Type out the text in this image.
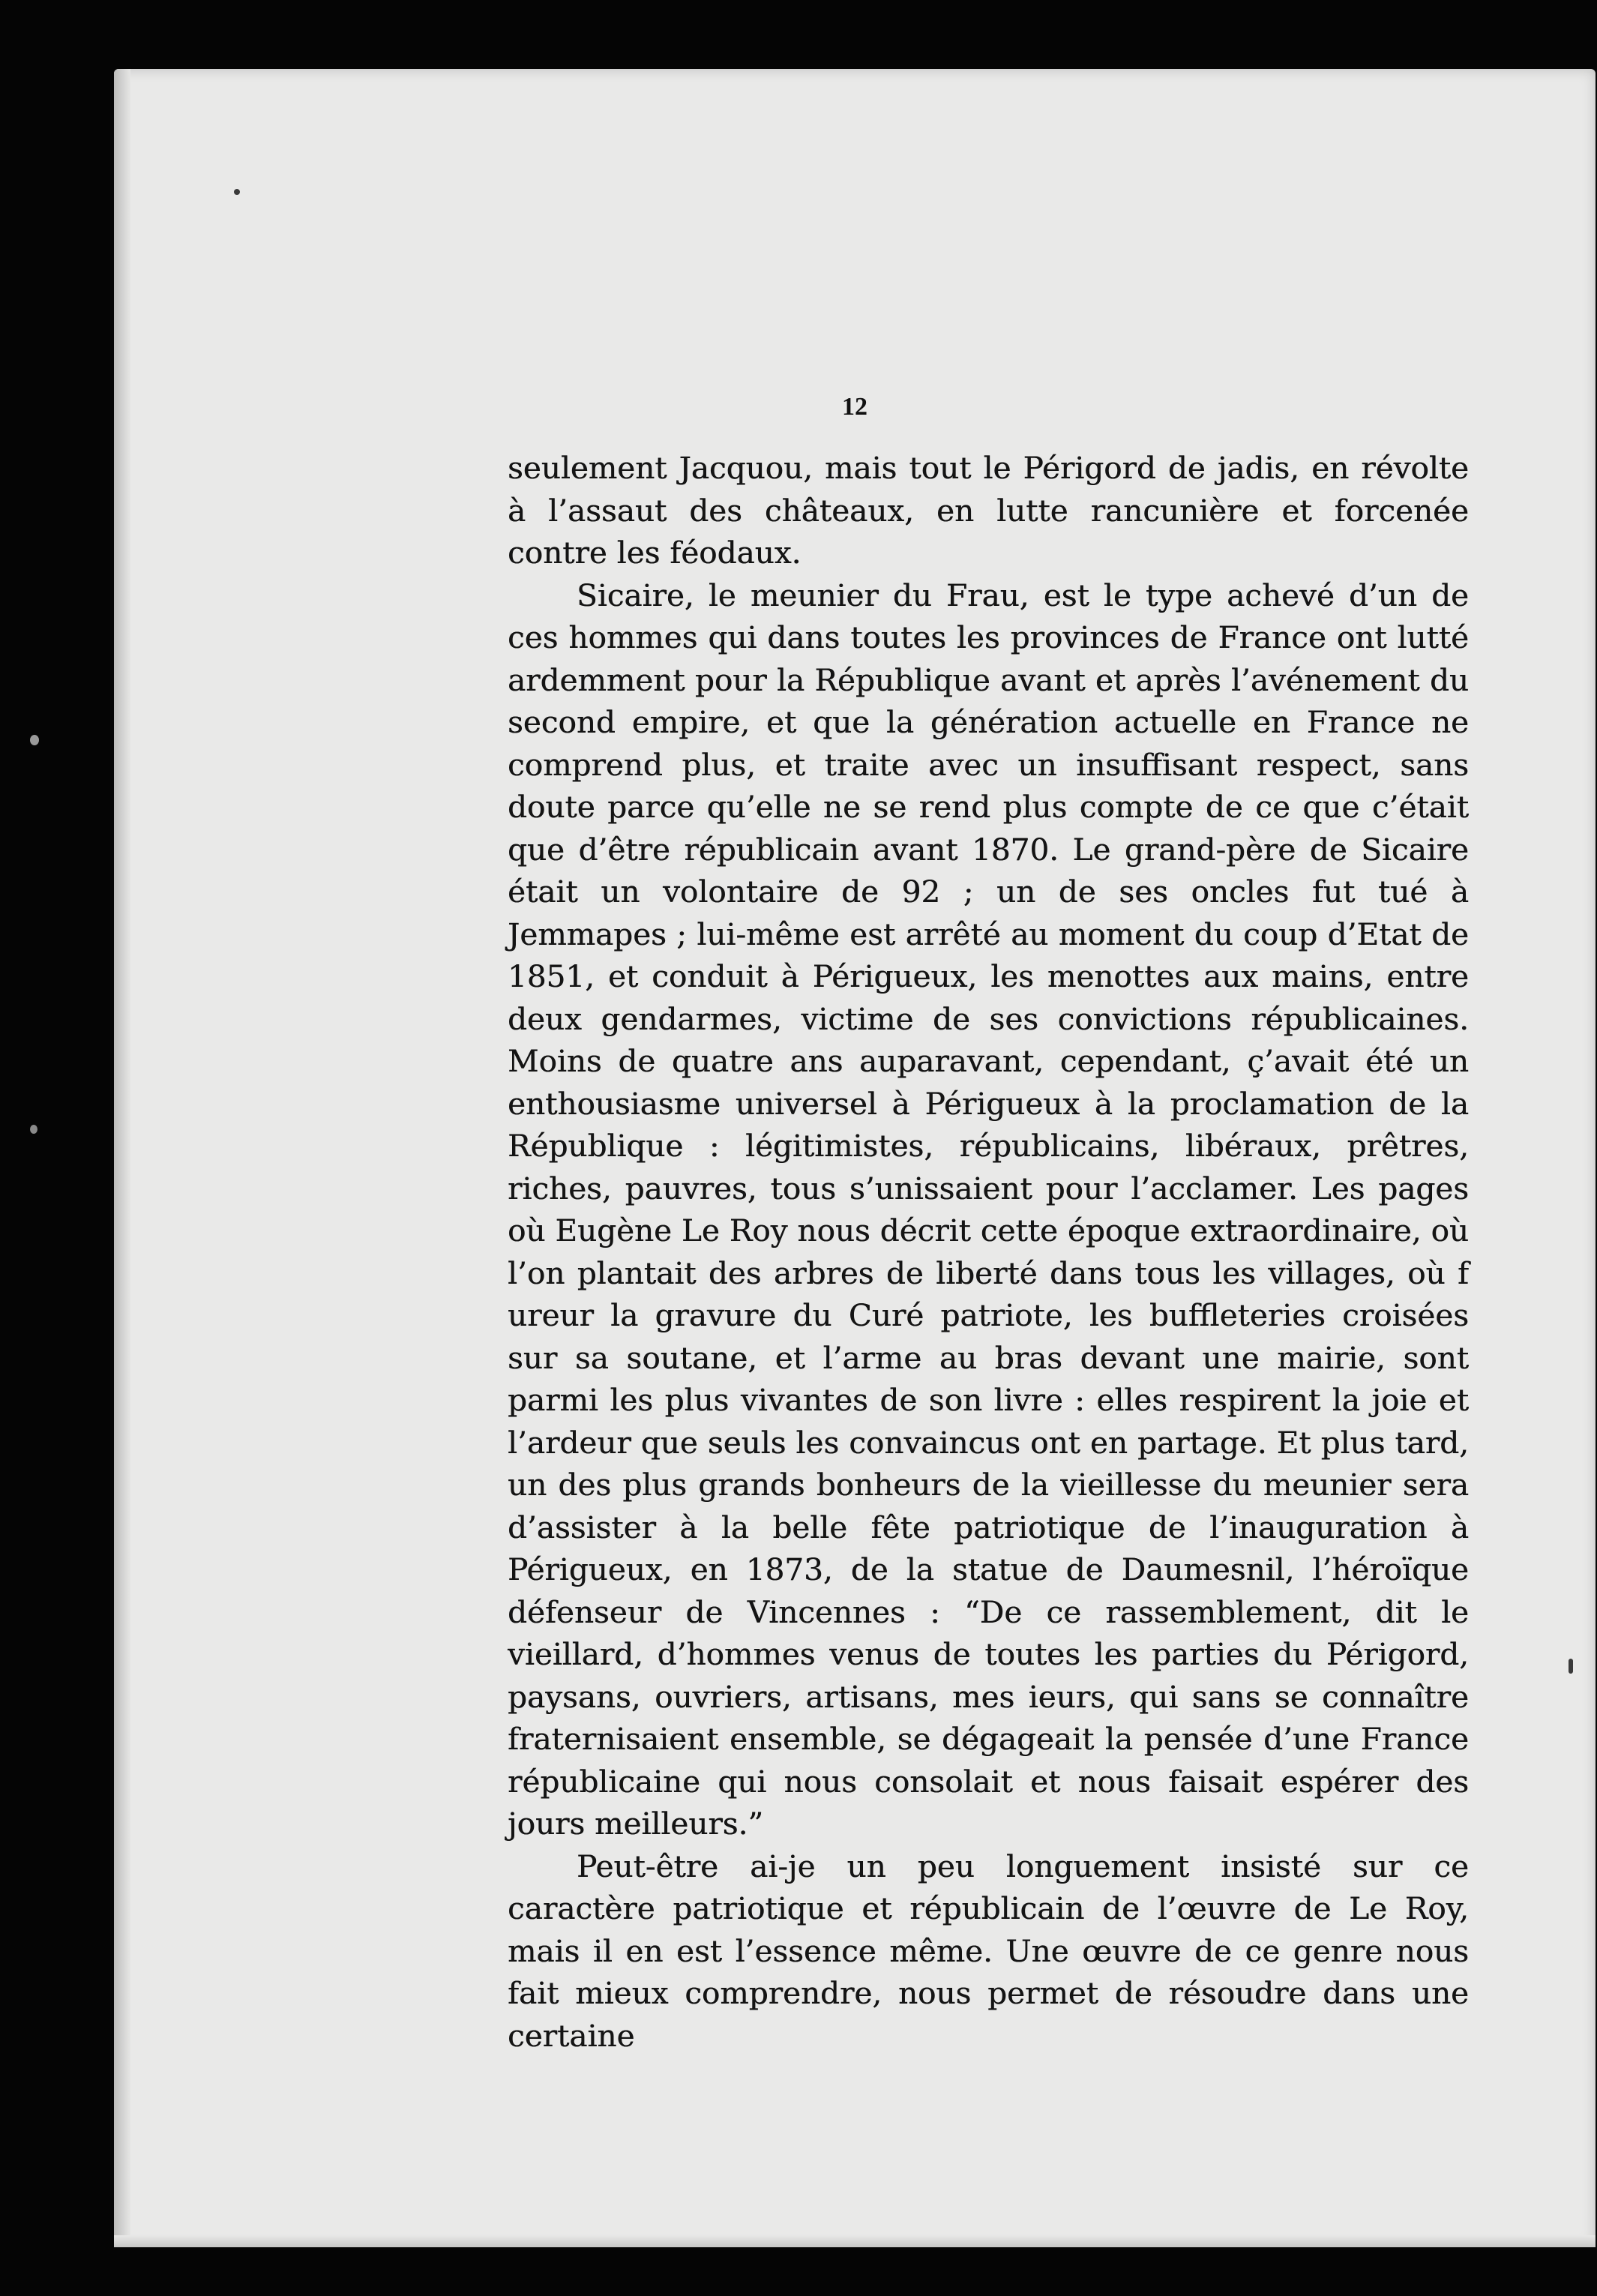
12

seulement Jacquou, mais tout le Périgord de jadis, en révolte à l’assaut des châteaux, en lutte rancunière et forcenée contre les féodaux.

Sicaire, le meunier du Frau, est le type achevé d’un de ces hommes qui dans toutes les provinces de France ont lutté ardemment pour la République avant et après l’avénement du second empire, et que la génération actuelle en France ne comprend plus, et traite avec un insuffisant respect, sans doute parce qu’elle ne se rend plus compte de ce que c’était que d’être républicain avant 1870. Le grand-père de Sicaire était un volontaire de 92 ; un de ses oncles fut tué à Jemmapes ; lui-même est arrêté au moment du coup d’Etat de 1851, et conduit à Périgueux, les menottes aux mains, entre deux gendarmes, victime de ses convictions républicaines. Moins de quatre ans auparavant, cependant, ç’avait été un enthousiasme universel à Périgueux à la proclamation de la République : légitimistes, républicains, libéraux, prêtres, riches, pauvres, tous s’unissaient pour l’acclamer. Les pages où Eugène Le Roy nous décrit cette époque extraordinaire, où l’on plantait des arbres de liberté dans tous les villages, où f ureur la gravure du Curé patriote, les buffleteries croisées sur sa soutane, et l’arme au bras devant une mairie, sont parmi les plus vivantes de son livre : elles respirent la joie et l’ardeur que seuls les convaincus ont en partage. Et plus tard, un des plus grands bonheurs de la vieillesse du meunier sera d’assister à la belle fête patriotique de l’inauguration à Périgueux, en 1873, de la statue de Daumesnil, l’héroïque défenseur de Vincennes : “De ce rassemblement, dit le vieillard, d’hommes venus de toutes les parties du Périgord, paysans, ouvriers, artisans, mes ieurs, qui sans se connaître fraternisaient ensemble, se dégageait la pensée d’une France républicaine qui nous consolait et nous faisait espérer des jours meilleurs.”

Peut-être ai-je un peu longuement insisté sur ce caractère patriotique et républicain de l’œuvre de Le Roy, mais il en est l’essence même. Une œuvre de ce genre nous fait mieux comprendre, nous permet de résoudre dans une certaine
